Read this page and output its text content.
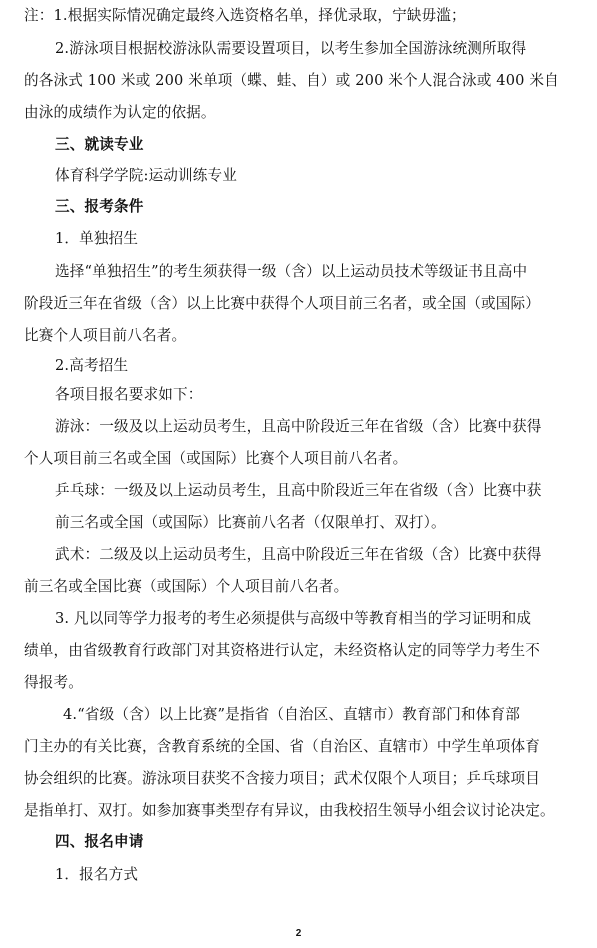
注：1.根据实际情况确定最终入选资格名单，择优录取，宁缺毋滥；
2.游泳项目根据校游泳队需要设置项目，以考生参加全国游泳统测所取得
的各泳式 100 米或 200 米单项（蝶、蛙、自）或 200 米个人混合泳或 400 米自
由泳的成绩作为认定的依据。
三、就读专业
体育科学学院:运动训练专业
三、报考条件
1．单独招生
选择“单独招生”的考生须获得一级（含）以上运动员技术等级证书且高中
阶段近三年在省级（含）以上比赛中获得个人项目前三名者，或全国（或国际）
比赛个人项目前八名者。
2.高考招生
各项目报名要求如下：
游泳：一级及以上运动员考生，且高中阶段近三年在省级（含）比赛中获得
个人项目前三名或全国（或国际）比赛个人项目前八名者。
乒乓球：一级及以上运动员考生，且高中阶段近三年在省级（含）比赛中获
前三名或全国（或国际）比赛前八名者（仅限单打、双打）。
武术：二级及以上运动员考生，且高中阶段近三年在省级（含）比赛中获得
前三名或全国比赛（或国际）个人项目前八名者。
3. 凡以同等学力报考的考生必须提供与高级中等教育相当的学习证明和成
绩单，由省级教育行政部门对其资格进行认定，未经资格认定的同等学力考生不
得报考。
4.“省级（含）以上比赛”是指省（自治区、直辖市）教育部门和体育部
门主办的有关比赛，含教育系统的全国、省（自治区、直辖市）中学生单项体育
协会组织的比赛。游泳项目获奖不含接力项目；武术仅限个人项目；乒乓球项目
是指单打、双打。如参加赛事类型存有异议，由我校招生领导小组会议讨论决定。
四、报名申请
1．报名方式
2
